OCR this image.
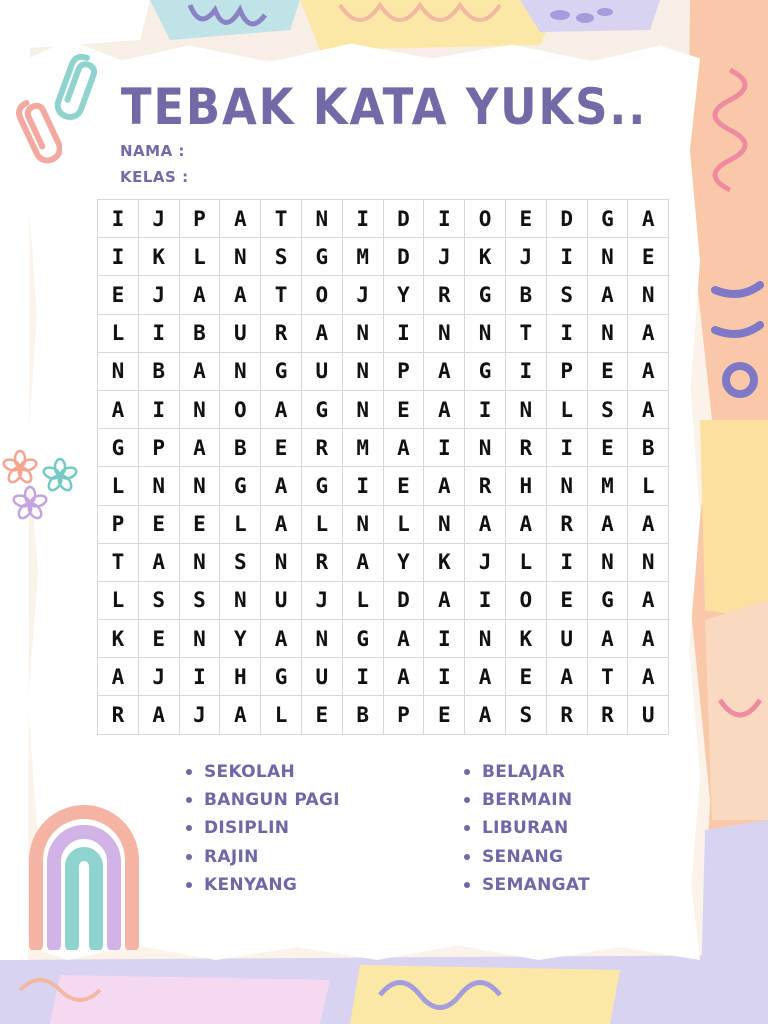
TEBAK KATA YUKS..
NAMA :
KELAS :
I	J	P	A	T	N	I	D	I	O	E	D	G	A
I	K	L	N	S	G	M	D	J	K	J	I	N	E
E	J	A	A	T	O	J	Y	R	G	B	S	A	N
L	I	B	U	R	A	N	I	N	N	T	I	N	A
N	B	A	N	G	U	N	P	A	G	I	P	E	A
A	I	N	O	A	G	N	E	A	I	N	L	S	A
G	P	A	B	E	R	M	A	I	N	R	I	E	B
L	N	N	G	A	G	I	E	A	R	H	N	M	L
P	E	E	L	A	L	N	L	N	A	A	R	A	A
T	A	N	S	N	R	A	Y	K	J	L	I	N	N
L	S	S	N	U	J	L	D	A	I	O	E	G	A
K	E	N	Y	A	N	G	A	I	N	K	U	A	A
A	J	I	H	G	U	I	A	I	A	E	A	T	A
R	A	J	A	L	E	B	P	E	A	S	R	R	U
SEKOLAH
BANGUN PAGI
DISIPLIN
RAJIN
KENYANG
BELAJAR
BERMAIN
LIBURAN
SENANG
SEMANGAT
